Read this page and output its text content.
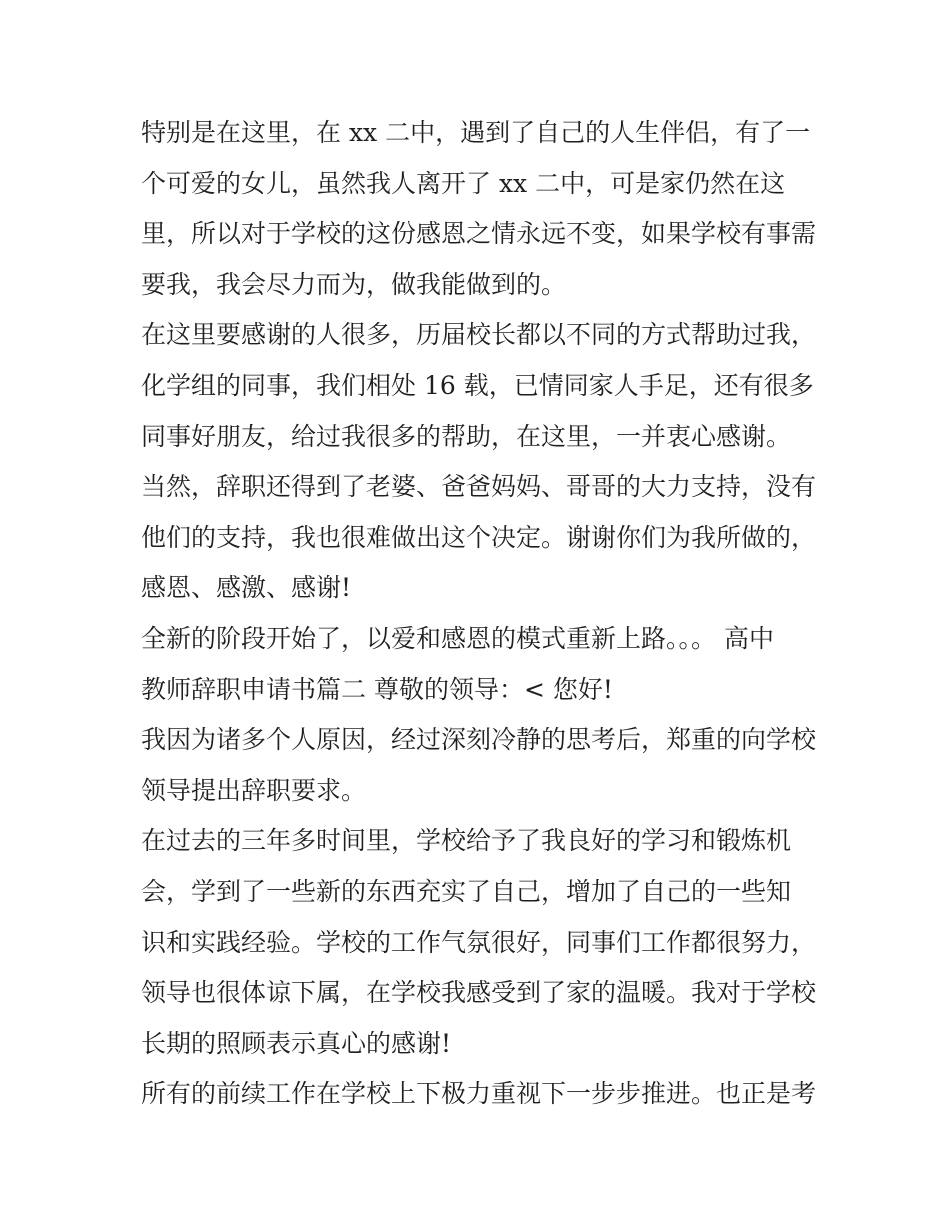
特别是在这里，在 xx 二中，遇到了自己的人生伴侣，有了一
个可爱的女儿，虽然我人离开了 xx 二中，可是家仍然在这
里，所以对于学校的这份感恩之情永远不变，如果学校有事需
要我，我会尽力而为，做我能做到的。
在这里要感谢的人很多，历届校长都以不同的方式帮助过我，
化学组的同事，我们相处 16 载，已情同家人手足，还有很多
同事好朋友，给过我很多的帮助，在这里，一并衷心感谢。
当然，辞职还得到了老婆、爸爸妈妈、哥哥的大力支持，没有
他们的支持，我也很难做出这个决定。谢谢你们为我所做的，
感恩、感激、感谢!
全新的阶段开始了，以爱和感恩的模式重新上路。。。 高中
教师辞职申请书篇二 尊敬的领导：< 您好!
我因为诸多个人原因，经过深刻冷静的思考后，郑重的向学校
领导提出辞职要求。
在过去的三年多时间里，学校给予了我良好的学习和锻炼机
会，学到了一些新的东西充实了自己，增加了自己的一些知
识和实践经验。学校的工作气氛很好，同事们工作都很努力，
领导也很体谅下属，在学校我感受到了家的温暖。我对于学校
长期的照顾表示真心的感谢!
所有的前续工作在学校上下极力重视下一步步推进。也正是考
